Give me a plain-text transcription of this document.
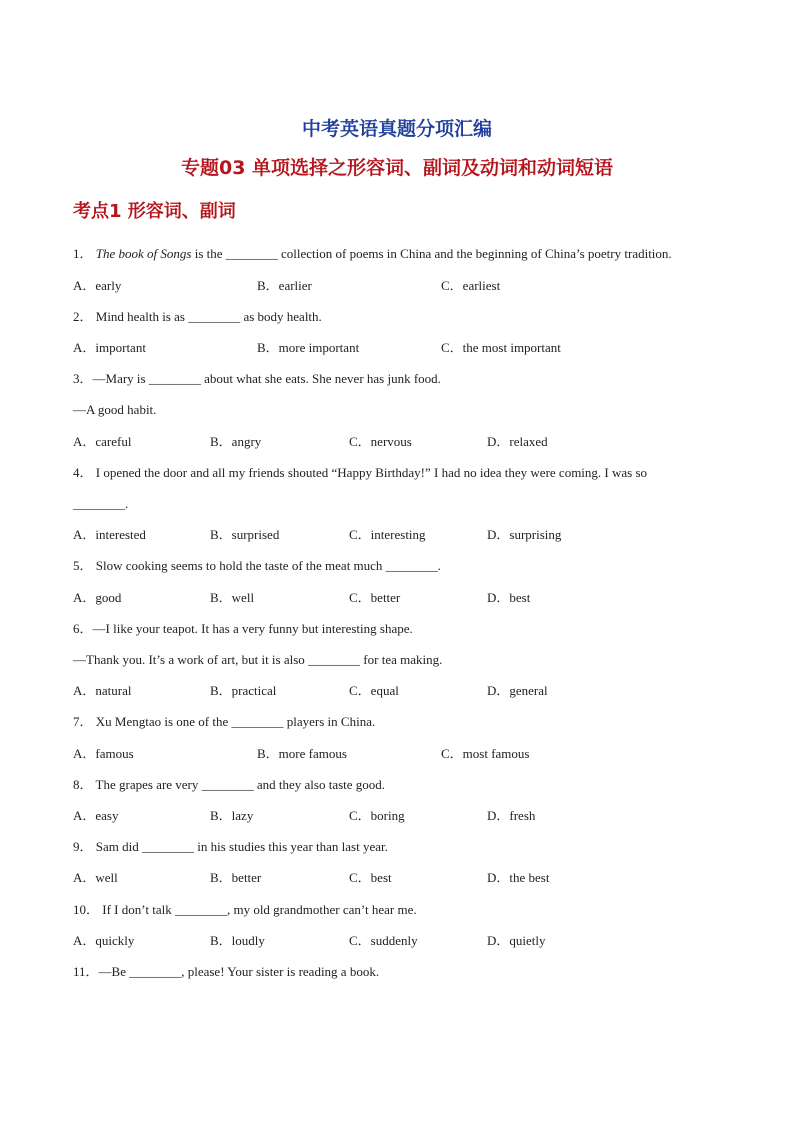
中考英语真题分项汇编
专题03 单项选择之形容词、副词及动词和动词短语
考点1 形容词、副词
1． The book of Songs is the ________ collection of poems in China and the beginning of China’s poetry tradition.
A．early	B．earlier	C．earliest
2． Mind health is as ________ as body health.
A．important	B．more important	C．the most important
3．—Mary is ________ about what she eats. She never has junk food.
—A good habit.
A．careful	B．angry	C．nervous	D．relaxed
4． I opened the door and all my friends shouted “Happy Birthday!” I had no idea they were coming. I was so
________.
A．interested	B．surprised	C．interesting	D．surprising
5． Slow cooking seems to hold the taste of the meat much ________.
A．good	B．well	C．better	D．best
6．—I like your teapot. It has a very funny but interesting shape.
—Thank you. It’s a work of art, but it is also ________ for tea making.
A．natural	B．practical	C．equal	D．general
7． Xu Mengtao is one of the ________ players in China.
A．famous	B．more famous	C．most famous
8． The grapes are very ________ and they also taste good.
A．easy	B．lazy	C．boring	D．fresh
9． Sam did ________ in his studies this year than last year.
A．well	B．better	C．best	D．the best
10． If I don’t talk ________, my old grandmother can’t hear me.
A．quickly	B．loudly	C．suddenly	D．quietly
11．—Be ________, please! Your sister is reading a book.
